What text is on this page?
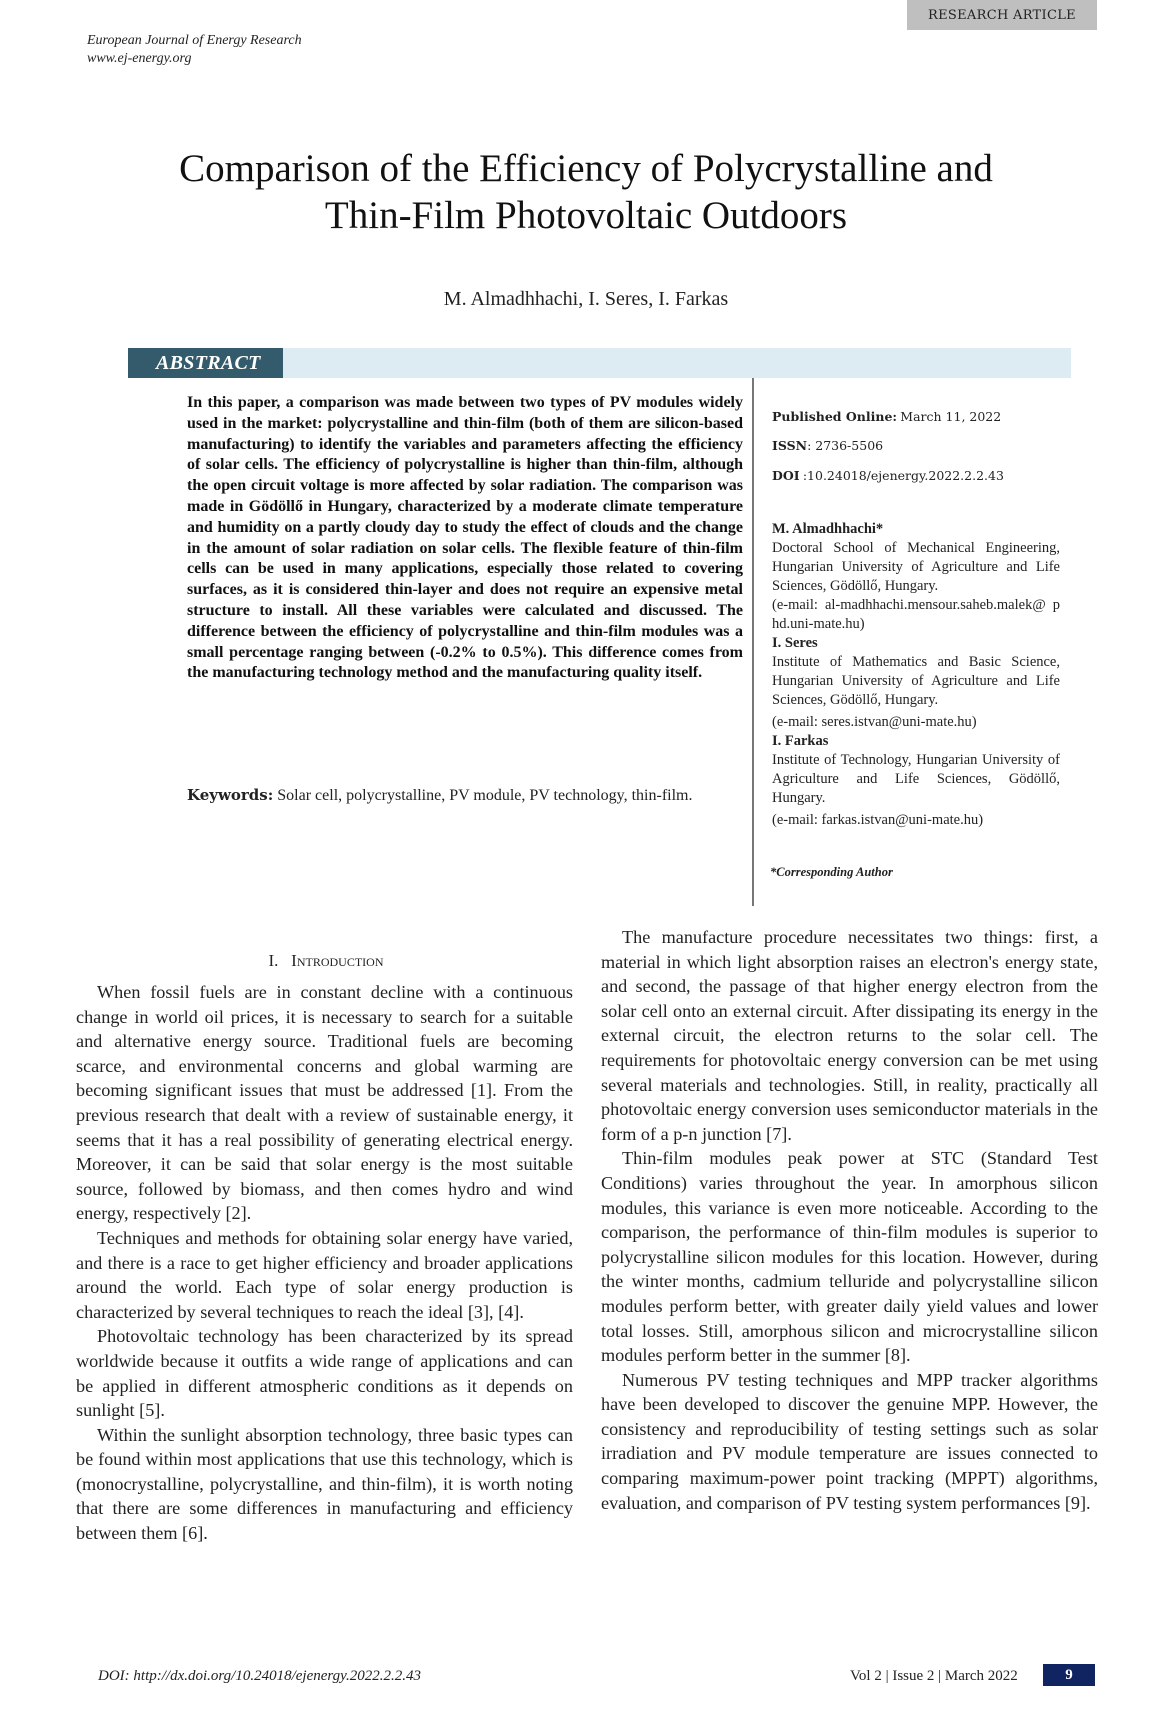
European Journal of Energy Research
www.ej-energy.org
RESEARCH ARTICLE
Comparison of the Efficiency of Polycrystalline and
Thin-Film Photovoltaic Outdoors
M. Almadhhachi, I. Seres, I. Farkas
ABSTRACT
In this paper, a comparison was made between two types of PV modules widely used in the market: polycrystalline and thin-film (both of them are silicon-based manufacturing) to identify the variables and parameters affecting the efficiency of solar cells. The efficiency of polycrystalline is higher than thin-film, although the open circuit voltage is more affected by solar radiation. The comparison was made in Gödöllő in Hungary, characterized by a moderate climate temperature and humidity on a partly cloudy day to study the effect of clouds and the change in the amount of solar radiation on solar cells. The flexible feature of thin-film cells can be used in many applications, especially those related to covering surfaces, as it is considered thin-layer and does not require an expensive metal structure to install. All these variables were calculated and discussed. The difference between the efficiency of polycrystalline and thin-film modules was a small percentage ranging between (-0.2% to 0.5%). This difference comes from the manufacturing technology method and the manufacturing quality itself.
Keywords: Solar cell, polycrystalline, PV module, PV technology, thin-film.
Published Online: March 11, 2022
ISSN: 2736-5506
DOI :10.24018/ejenergy.2022.2.2.43
M. Almadhhachi*
Doctoral School of Mechanical Engineering, Hungarian University of Agriculture and Life Sciences, Gödöllő, Hungary.
(e-mail: al-madhhachi.mensour.saheb.malek@ phd.uni-mate.hu)
I. Seres
Institute of Mathematics and Basic Science, Hungarian University of Agriculture and Life Sciences, Gödöllő, Hungary.
(e-mail: seres.istvan@uni-mate.hu)
I. Farkas
Institute of Technology, Hungarian University of Agriculture and Life Sciences, Gödöllő, Hungary.
(e-mail: farkas.istvan@uni-mate.hu)
*Corresponding Author
I. Introduction

When fossil fuels are in constant decline with a continuous change in world oil prices, it is necessary to search for a suitable and alternative energy source. Traditional fuels are becoming scarce, and environmental concerns and global warming are becoming significant issues that must be addressed [1]. From the previous research that dealt with a review of sustainable energy, it seems that it has a real possibility of generating electrical energy. Moreover, it can be said that solar energy is the most suitable source, followed by biomass, and then comes hydro and wind energy, respectively [2].

Techniques and methods for obtaining solar energy have varied, and there is a race to get higher efficiency and broader applications around the world. Each type of solar energy production is characterized by several techniques to reach the ideal [3], [4].

Photovoltaic technology has been characterized by its spread worldwide because it outfits a wide range of applications and can be applied in different atmospheric conditions as it depends on sunlight [5].

Within the sunlight absorption technology, three basic types can be found within most applications that use this technology, which is (monocrystalline, polycrystalline, and thin-film), it is worth noting that there are some differences in manufacturing and efficiency between them [6].

The manufacture procedure necessitates two things: first, a material in which light absorption raises an electron's energy state, and second, the passage of that higher energy electron from the solar cell onto an external circuit. After dissipating its energy in the external circuit, the electron returns to the solar cell. The requirements for photovoltaic energy conversion can be met using several materials and technologies. Still, in reality, practically all photovoltaic energy conversion uses semiconductor materials in the form of a p-n junction [7].

Thin-film modules peak power at STC (Standard Test Conditions) varies throughout the year. In amorphous silicon modules, this variance is even more noticeable. According to the comparison, the performance of thin-film modules is superior to polycrystalline silicon modules for this location. However, during the winter months, cadmium telluride and polycrystalline silicon modules perform better, with greater daily yield values and lower total losses. Still, amorphous silicon and microcrystalline silicon modules perform better in the summer [8].

Numerous PV testing techniques and MPP tracker algorithms have been developed to discover the genuine MPP. However, the consistency and reproducibility of testing settings such as solar irradiation and PV module temperature are issues connected to comparing maximum-power point tracking (MPPT) algorithms, evaluation, and comparison of PV testing system performances [9].

DOI: http://dx.doi.org/10.24018/ejenergy.2022.2.2.43	Vol 2 | Issue 2 | March 2022	9
